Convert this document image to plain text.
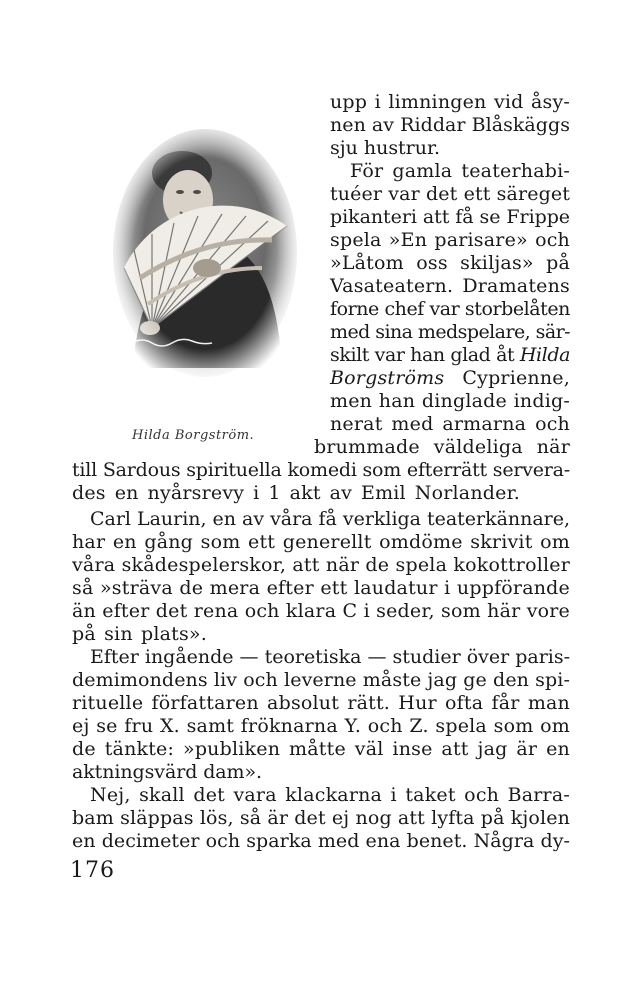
Hilda Borgström.
upp i limningen vid åsy-
nen av Riddar Blåskäggs
sju hustrur.
För gamla teaterhabi-
tuéer var det ett säreget
pikanteri att få se Frippe
spela »En parisare» och
»Låtom oss skiljas» på
Vasateatern. Dramatens
forne chef var storbelåten
med sina medspelare, sär-
skilt var han glad åt Hilda
Borgströms Cyprienne,
men han dinglade indig-
nerat med armarna och
brummade väldeliga när
till Sardous spirituella komedi som efterrätt servera-
des en nyårsrevy i 1 akt av Emil Norlander.
Carl Laurin, en av våra få verkliga teaterkännare,
har en gång som ett generellt omdöme skrivit om
våra skådespelerskor, att när de spela kokottroller
så »sträva de mera efter ett laudatur i uppförande
än efter det rena och klara C i seder, som här vore
på sin plats».
Efter ingående — teoretiska — studier över paris-
demimondens liv och leverne måste jag ge den spi-
rituelle författaren absolut rätt. Hur ofta får man
ej se fru X. samt fröknarna Y. och Z. spela som om
de tänkte: »publiken måtte väl inse att jag är en
aktningsvärd dam».
Nej, skall det vara klackarna i taket och Barra-
bam släppas lös, så är det ej nog att lyfta på kjolen
en decimeter och sparka med ena benet. Några dy-
176
